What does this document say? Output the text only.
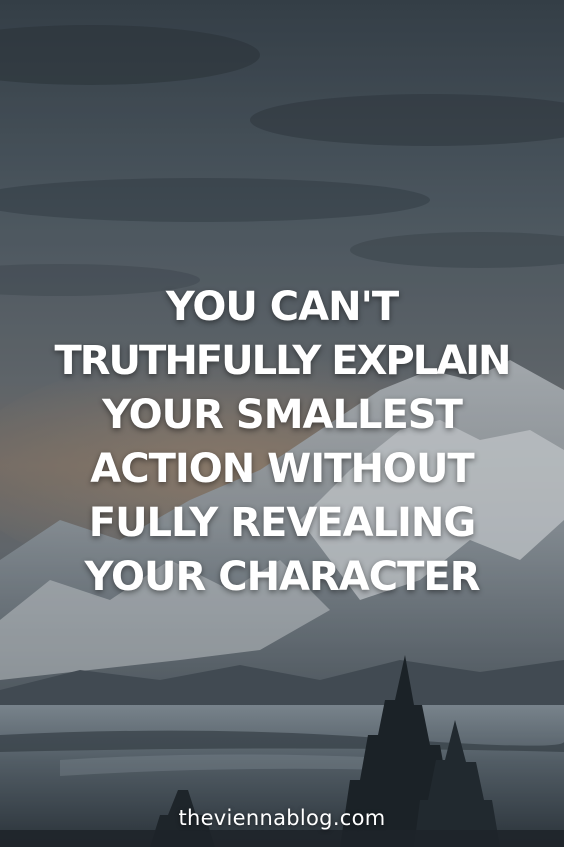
YOU CAN'T
TRUTHFULLY EXPLAIN
YOUR SMALLEST
ACTION WITHOUT
FULLY REVEALING
YOUR CHARACTER
theviennablog.com
